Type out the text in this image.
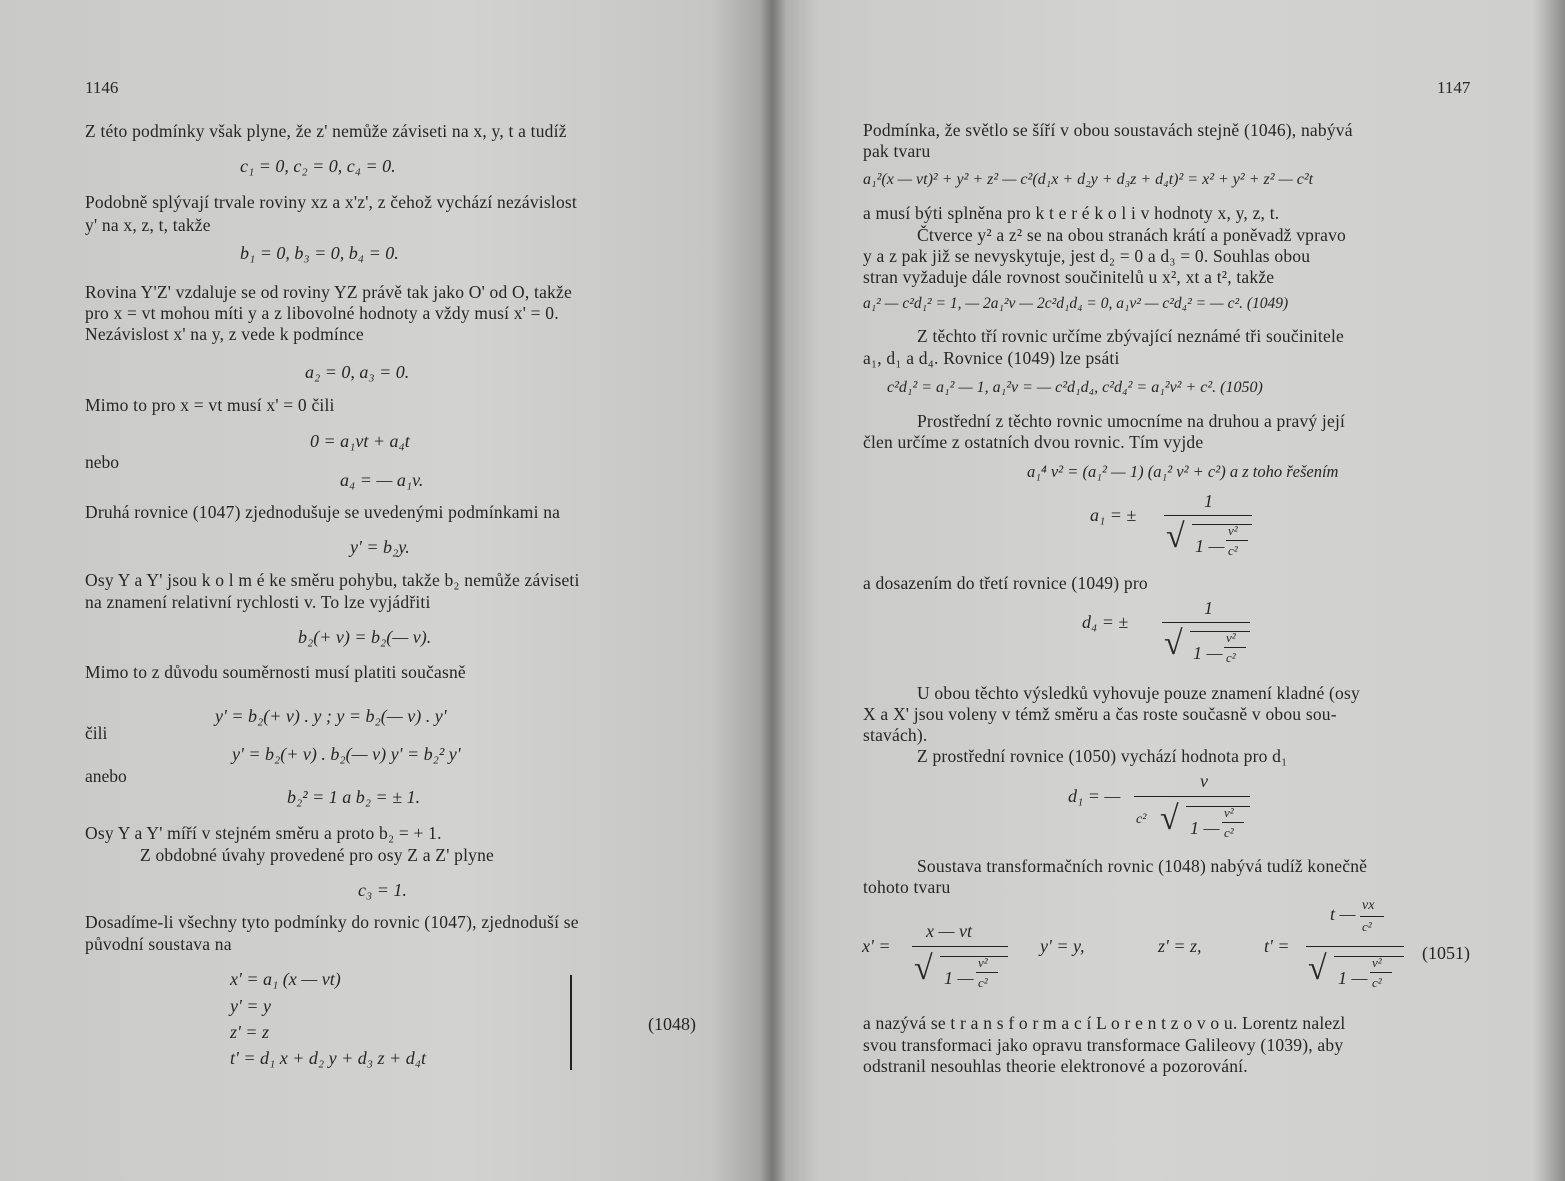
1146
Z této podmínky však plyne, že z' nemůže záviseti na x, y, t a tudíž
c₁ = 0, c₂ = 0, c₄ = 0.
Podobně splývají trvale roviny xz a x'z', z čehož vychází nezávislost
y' na x, z, t, takže
b₁ = 0, b₃ = 0, b₄ = 0.
Rovina Y'Z' vzdaluje se od roviny YZ právě tak jako O' od O, takže
pro x = vt mohou míti y a z libovolné hodnoty a vždy musí x' = 0.
Nezávislost x' na y, z vede k podmínce
a₂ = 0, a₃ = 0.
Mimo to pro x = vt musí x' = 0 čili
0 = a₁vt + a₄t
nebo
a₄ = — a₁v.
Druhá rovnice (1047) zjednodušuje se uvedenými podmínkami na
y' = b₂y.
Osy Y a Y' jsou k o l m é ke směru pohybu, takže b₂ nemůže záviseti
na znamení relativní rychlosti v. To lze vyjádřiti
b₂(+ v) = b₂(— v).
Mimo to z důvodu souměrnosti musí platiti současně
y' = b₂(+ v) . y ; y = b₂(— v) . y'
čili
y' = b₂(+ v) . b₂(— v) y' = b₂² y'
anebo
b₂² = 1 a b₂ = ± 1.
Osy Y a Y' míří v stejném směru a proto b₂ = + 1.
Z obdobné úvahy provedené pro osy Z a Z' plyne
c₃ = 1.
Dosadíme-li všechny tyto podmínky do rovnic (1047), zjednoduší se
původní soustava na
x' = a₁ (x — vt)
y' = y
z' = z
t' = d₁ x + d₂ y + d₃ z + d₄t
(1048)
1147
Podmínka, že světlo se šíří v obou soustavách stejně (1046), nabývá
pak tvaru
a₁²(x — vt)² + y² + z² — c²(d₁x + d₂y + d₃z + d₄t)² = x² + y² + z² — c²t
a musí býti splněna pro k t e r é k o l i v hodnoty x, y, z, t.
Čtverce y² a z² se na obou stranách krátí a poněvadž vpravo
y a z pak již se nevyskytuje, jest d₂ = 0 a d₃ = 0. Souhlas obou
stran vyžaduje dále rovnost součinitelů u x², xt a t², takže
a₁² — c²d₁² = 1, — 2a₁²v — 2c²d₁d₄ = 0, a₁v² — c²d₄² = — c². (1049)
Z těchto tří rovnic určíme zbývající neznámé tři součinitele
a₁, d₁ a d₄. Rovnice (1049) lze psáti
c²d₁² = a₁² — 1, a₁²v = — c²d₁d₄, c²d₄² = a₁²v² + c². (1050)
Prostřední z těchto rovnic umocníme na druhou a pravý její
člen určíme z ostatních dvou rovnic. Tím vyjde
a₁⁴ v² = (a₁² — 1) (a₁² v² + c²) a z toho řešením
a₁ = ±
1
√ 1 —
v²
c²
a dosazením do třetí rovnice (1049) pro
d₄ = ±
1
√ 1 —
v²
c²
U obou těchto výsledků vyhovuje pouze znamení kladné (osy
X a X' jsou voleny v témž směru a čas roste současně v obou sou-
stavách).
Z prostřední rovnice (1050) vychází hodnota pro d₁
d₁ = —
v
c² √ 1 —
v²
c²
Soustava transformačních rovnic (1048) nabývá tudíž konečně
tohoto tvaru
x' =
x — vt
√ 1 —
v²
c²
y' = y,	z' = z,	t' =
t — vx
c²
√ 1 —
v²
c²
(1051)
a nazývá se t r a n s f o r m a c í L o r e n t z o v o u. Lorentz nalezl
svou transformaci jako opravu transformace Galileovy (1039), aby
odstranil nesouhlas theorie elektronové a pozorování.
